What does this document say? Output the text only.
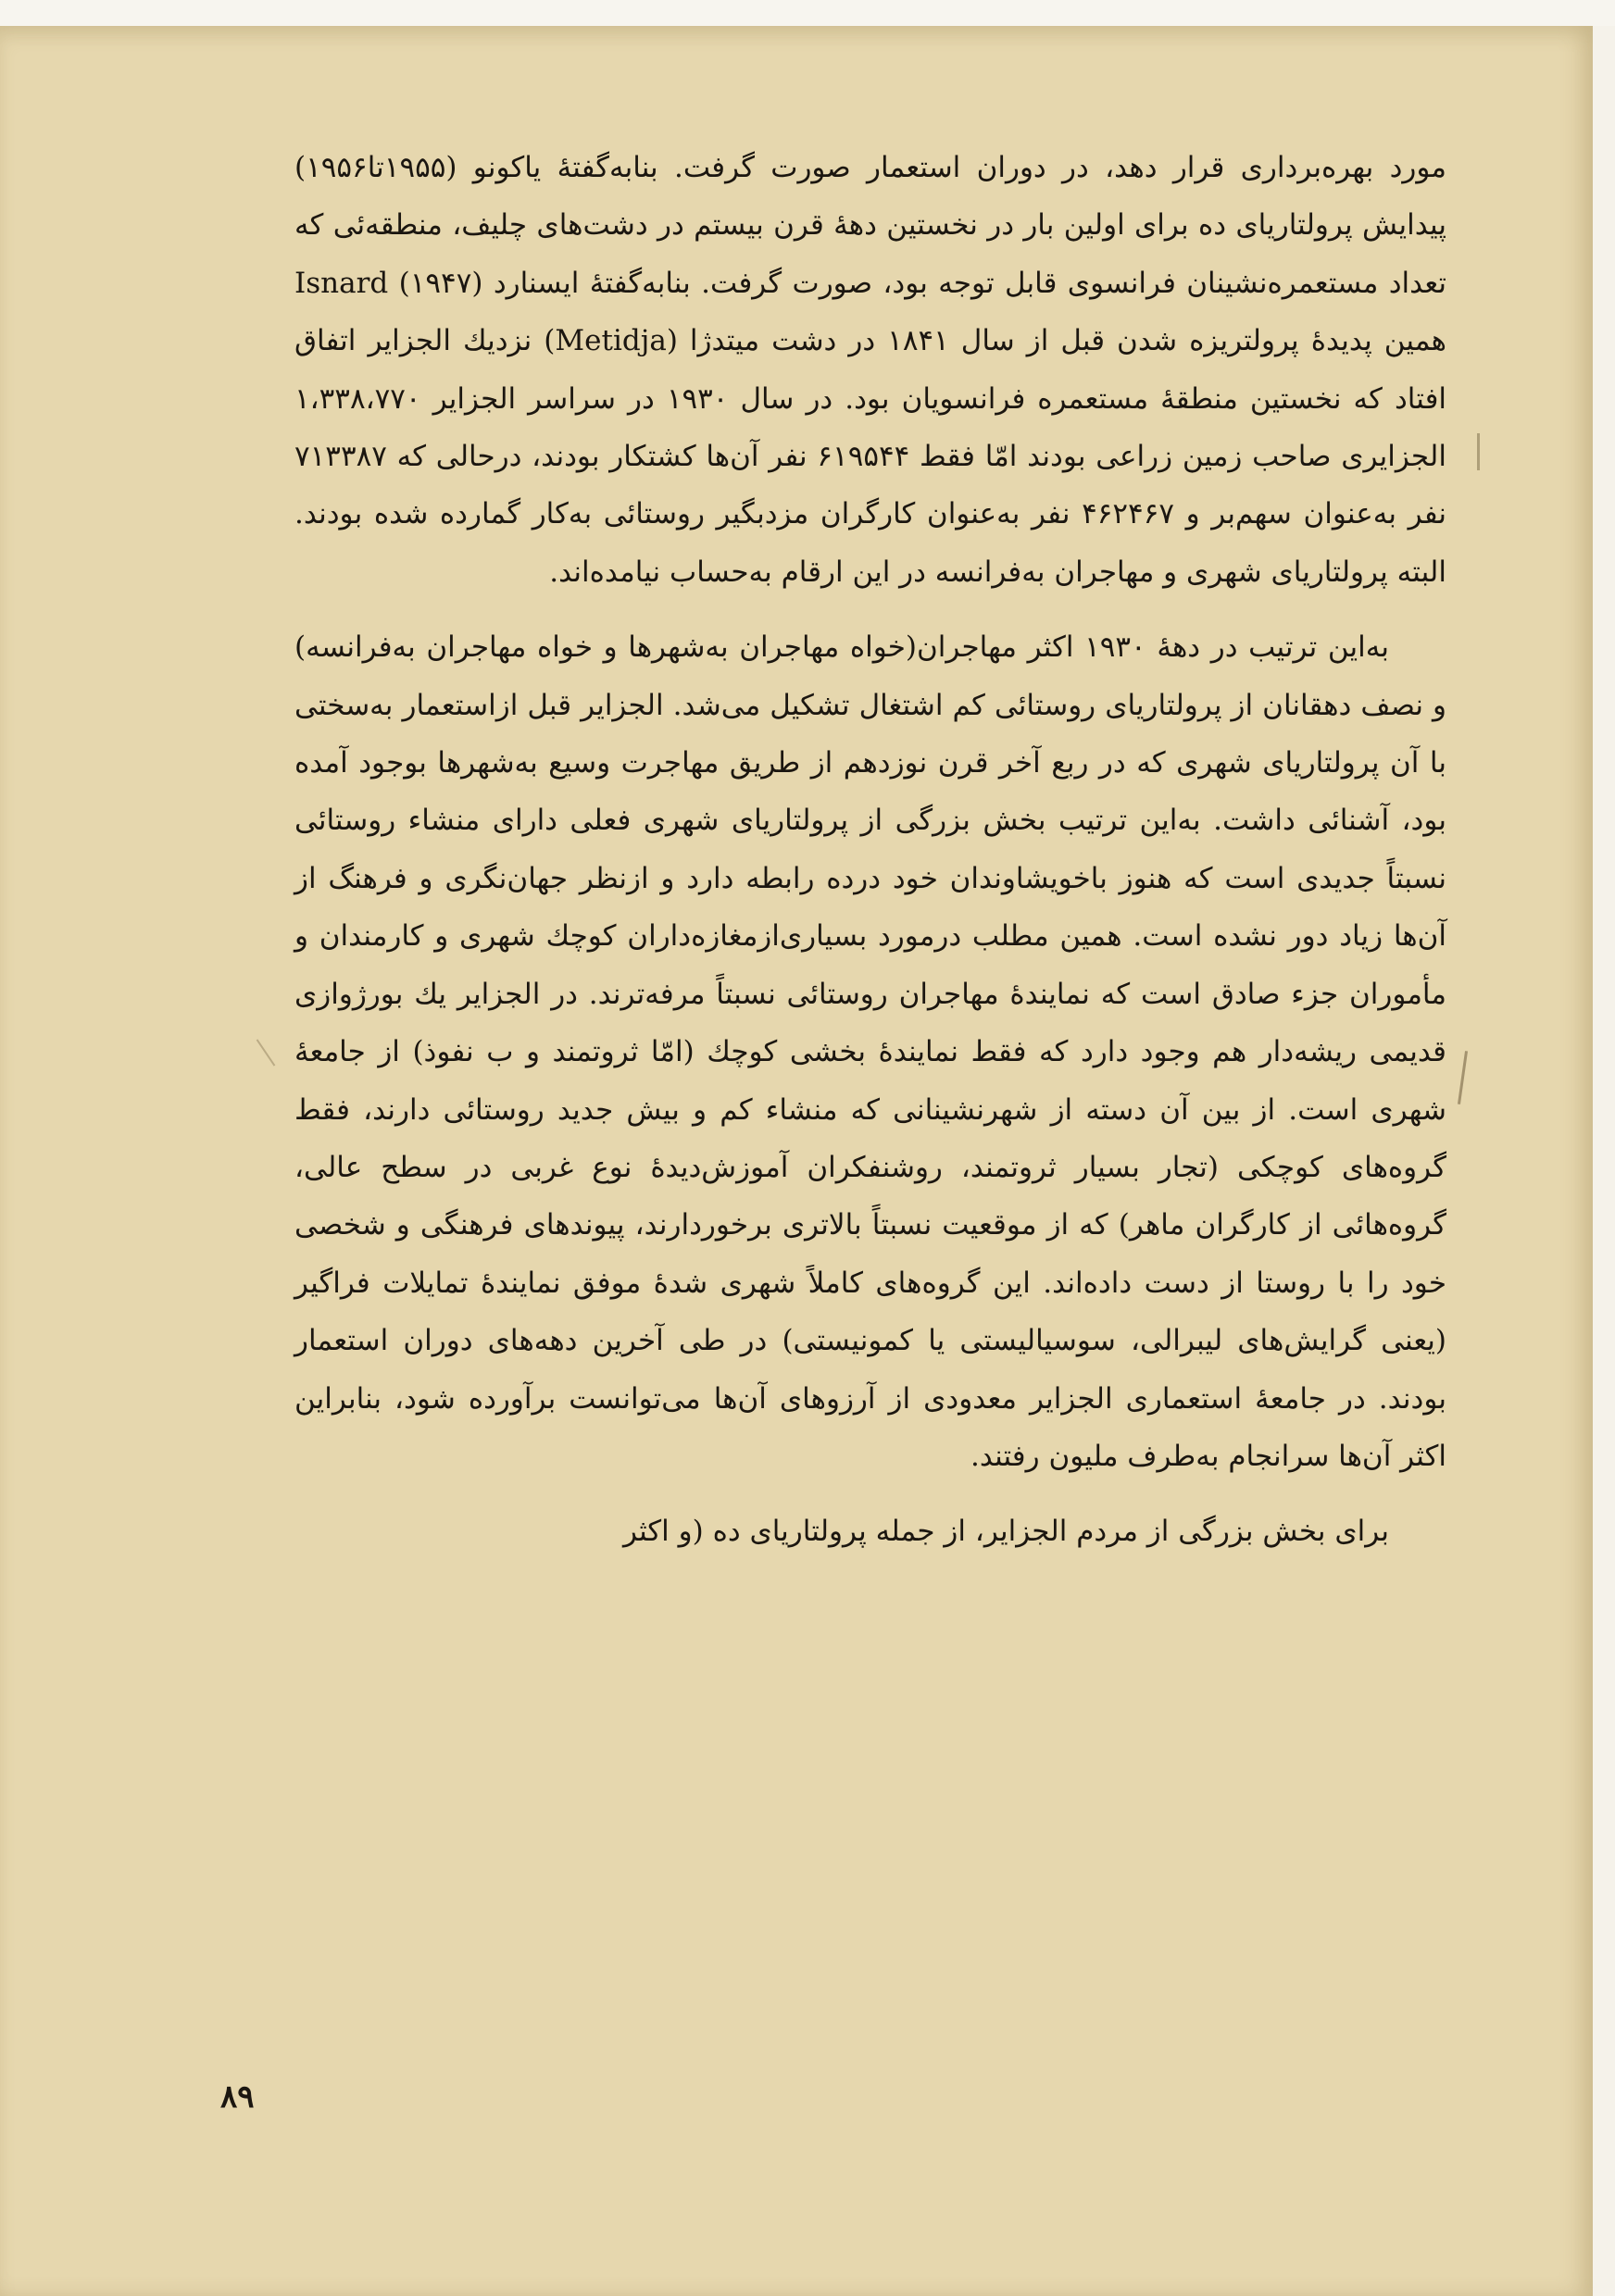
مورد بهره‌برداری قرار دهد، در دوران استعمار صورت گرفت. بنابه‌گفتهٔ یاکونو (۱۹۵۵تا۱۹۵۶) پیدایش پرولتاریای ده برای اولین بار در نخستین دهۀ قرن بیستم در دشت‌های چلیف، منطقه‌ئی که تعداد مستعمره‌نشینان فرانسوی قابل توجه بود، صورت گرفت. بنابه‌گفتهٔ ایسنارد Isnard (۱۹۴۷) همین پدیدهٔ پرولتریزه شدن قبل از سال ۱۸۴۱ در دشت میتدژا (Metidja) نزدیك الجزایر اتفاق افتاد که نخستین منطقهٔ مستعمره فرانسویان بود. در سال ۱۹۳۰ در سراسر الجزایر ۱،۳۳۸،۷۷۰ الجزایری صاحب زمین زراعی بودند امّا فقط ۶۱۹۵۴۴ نفر آن‌ها کشتکار بودند، درحالی که ۷۱۳۳۸۷ نفر به‌عنوان سهم‌بر و ۴۶۲۴۶۷ نفر به‌عنوان کارگران مزدبگیر روستائی به‌کار گمارده شده بودند. البته پرولتاریای شهری و مهاجران به‌فرانسه در این ارقام به‌حساب نیامده‌اند.

به‌این ترتیب در دهۀ ۱۹۳۰ اکثر مهاجران(خواه مهاجران به‌شهرها و خواه مهاجران به‌فرانسه) و نصف دهقانان از پرولتاریای روستائی کم اشتغال تشکیل می‌شد. الجزایر قبل ازاستعمار به‌سختی با آن پرولتاریای شهری که در ربع آخر قرن نوزدهم از طریق مهاجرت وسیع به‌شهرها بوجود آمده بود، آشنائی داشت. به‌این ترتیب بخش بزرگی از پرولتاریای شهری فعلی دارای منشاء روستائی نسبتاً جدیدی است که هنوز باخویشاوندان خود درده رابطه دارد و ازنظر جهان‌نگری و فرهنگ از آن‌ها زیاد دور نشده است. همین مطلب درمورد بسیاری‌ازمغازه‌داران کوچك شهری و کارمندان و مأموران جزء صادق است که نمایندهٔ مهاجران روستائی نسبتاً مرفه‌ترند. در الجزایر یك بورژوازی قدیمی ریشه‌دار هم وجود دارد که فقط نمایندهٔ بخشی کوچك (امّا ثروتمند و ب نفوذ) از جامعهٔ شهری است. از بین آن دسته از شهرنشینانی که منشاء کم و بیش جدید روستائی دارند، فقط گروه‌های کوچکی (تجار بسیار ثروتمند، روشنفکران آموزش‌دیدهٔ نوع غربی در سطح عالی، گروه‌هائی از کارگران ماهر) که از موقعیت نسبتاً بالاتری برخوردارند، پیوندهای فرهنگی و شخصی خود را با روستا از دست داده‌اند. این گروه‌های کاملاً شهری شدهٔ موفق نمایندهٔ تمایلات فراگیر (یعنی گرایش‌های لیبرالی، سوسیالیستی یا کمونیستی) در طی آخرین دهه‌های دوران استعمار بودند. در جامعهٔ استعماری الجزایر معدودی از آرزوهای آن‌ها می‌توانست برآورده شود، بنابراین اکثر آن‌ها سرانجام به‌طرف ملیون رفتند.

برای بخش بزرگی از مردم الجزایر، از جمله پرولتاریای ده (و اکثر

۸۹
